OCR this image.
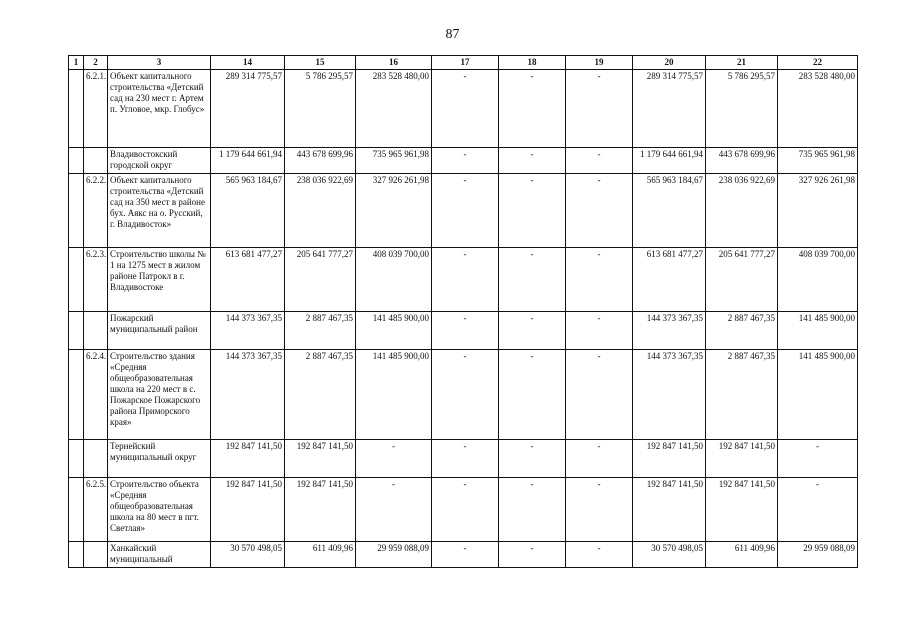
87
1	2	3	14	15	16	17	18	19	20	21	22
	6.2.1.	Объект капитального строительства «Детский сад на 230 мест г. Артем п. Угловое, мкр. Глобус»	289 314 775,57	5 786 295,57	283 528 480,00	-	-	-	289 314 775,57	5 786 295,57	283 528 480,00
		Владивостокский городской округ	1 179 644 661,94	443 678 699,96	735 965 961,98	-	-	-	1 179 644 661,94	443 678 699,96	735 965 961,98
	6.2.2.	Объект капитального строительства «Детский сад на 350 мест в районе бух. Аякс на о. Русский, г. Владивосток»	565 963 184,67	238 036 922,69	327 926 261,98	-	-	-	565 963 184,67	238 036 922,69	327 926 261,98
	6.2.3.	Строительство школы № 1 на 1275 мест в жилом районе Патрокл в г. Владивостоке	613 681 477,27	205 641 777,27	408 039 700,00	-	-	-	613 681 477,27	205 641 777,27	408 039 700,00
		Пожарский муниципальный район	144 373 367,35	2 887 467,35	141 485 900,00	-	-	-	144 373 367,35	2 887 467,35	141 485 900,00
	6.2.4.	Строительство здания «Средняя общеобразовательная школа на 220 мест в с. Пожарское Пожарского района Приморского края»	144 373 367,35	2 887 467,35	141 485 900,00	-	-	-	144 373 367,35	2 887 467,35	141 485 900,00
		Тернейский муниципальный округ	192 847 141,50	192 847 141,50	-	-	-	-	192 847 141,50	192 847 141,50	-
	6.2.5.	Строительство объекта «Средняя общеобразовательная школа на 80 мест в пгт. Светлая»	192 847 141,50	192 847 141,50	-	-	-	-	192 847 141,50	192 847 141,50	-
		Ханкайский муниципальный	30 570 498,05	611 409,96	29 959 088,09	-	-	-	30 570 498,05	611 409,96	29 959 088,09
